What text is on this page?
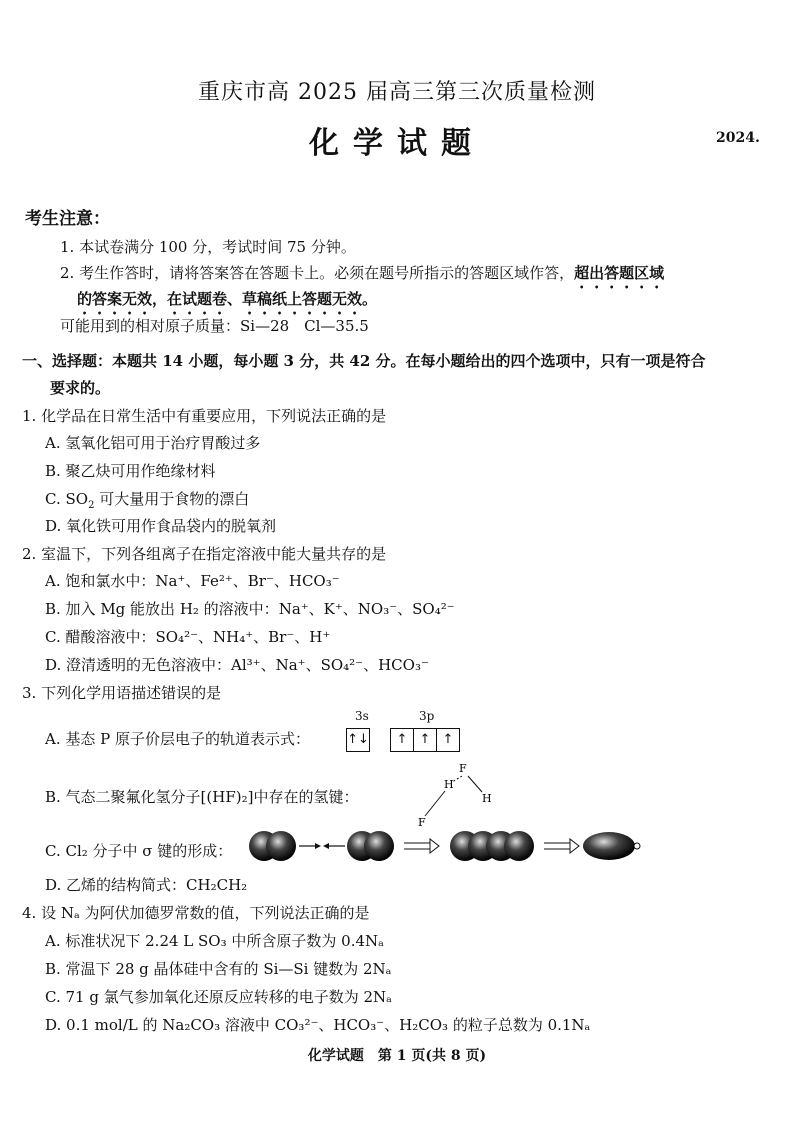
重庆市高 2025 届高三第三次质量检测
化学试题	2024.
考生注意：
1. 本试卷满分 100 分，考试时间 75 分钟。
2. 考生作答时，请将答案答在答题卡上。必须在题号所指示的答题区域作答，超出答题区域
的答案无效，在试题卷、草稿纸上答题无效。
可能用到的相对原子质量：Si—28　Cl—35.5
一、选择题：本题共 14 小题，每小题 3 分，共 42 分。在每小题给出的四个选项中，只有一项是符合
要求的。
1. 化学品在日常生活中有重要应用，下列说法正确的是
A. 氢氧化铝可用于治疗胃酸过多
B. 聚乙炔可用作绝缘材料
C. $SO_2$ 可大量用于食物的漂白
D. 氧化铁可用作食品袋内的脱氧剂
2. 室温下，下列各组离子在指定溶液中能大量共存的是
A. 饱和氯水中：Na⁺、Fe²⁺、Br⁻、HCO₃⁻
B. 加入 Mg 能放出 H₂ 的溶液中：Na⁺、K⁺、NO₃⁻、SO₄²⁻
C. 醋酸溶液中：SO₄²⁻、NH₄⁺、Br⁻、H⁺
D. 澄清透明的无色溶液中：Al³⁺、Na⁺、SO₄²⁻、HCO₃⁻
3. 下列化学用语描述错误的是
A. 基态 P 原子价层电子的轨道表示式：
3s	3p
↑↓	↑ ↑ ↑
B. 气态二聚氟化氢分子[(HF)₂]中存在的氢键：
F
H
H
F
C. Cl₂ 分子中 σ 键的形成：
D. 乙烯的结构简式：CH₂CH₂
4. 设 Nₐ 为阿伏加德罗常数的值，下列说法正确的是
A. 标准状况下 2.24 L SO₃ 中所含原子数为 0.4Nₐ
B. 常温下 28 g 晶体硅中含有的 Si—Si 键数为 2Nₐ
C. 71 g 氯气参加氧化还原反应转移的电子数为 2Nₐ
D. 0.1 mol/L 的 Na₂CO₃ 溶液中 CO₃²⁻、HCO₃⁻、H₂CO₃ 的粒子总数为 0.1Nₐ
化学试题　第 1 页(共 8 页)
